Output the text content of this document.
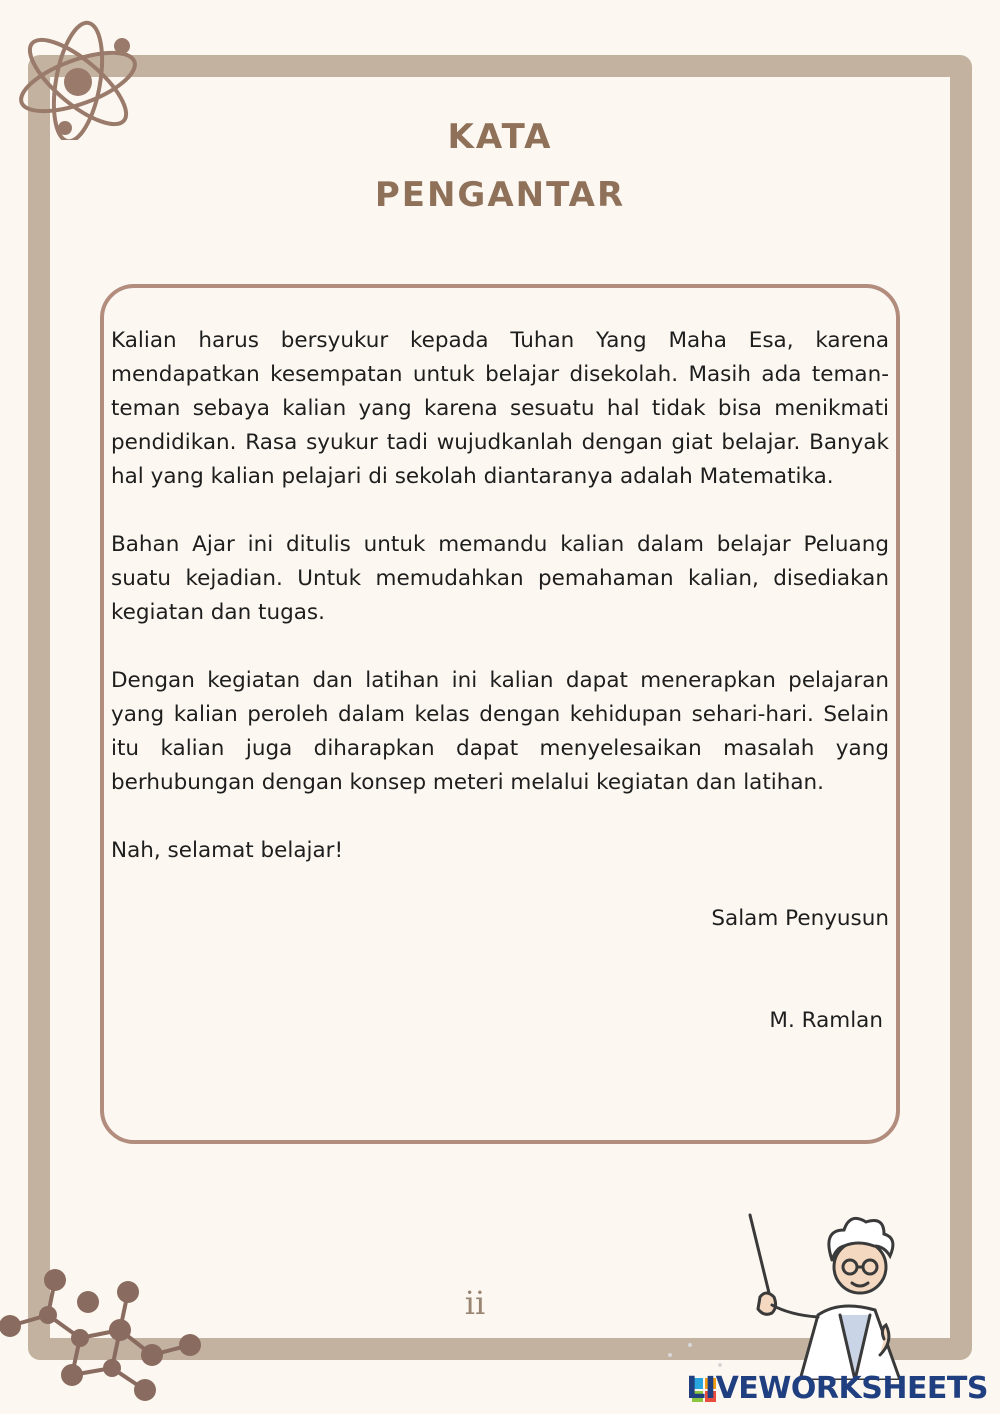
KATA
PENGANTAR

Kalian harus bersyukur kepada Tuhan Yang Maha Esa, karena mendapatkan kesempatan untuk belajar disekolah. Masih ada teman-teman sebaya kalian yang karena sesuatu hal tidak bisa menikmati pendidikan. Rasa syukur tadi wujudkanlah dengan giat belajar. Banyak hal yang kalian pelajari di sekolah diantaranya adalah Matematika.

Bahan Ajar ini ditulis untuk memandu kalian dalam belajar Peluang suatu kejadian. Untuk memudahkan pemahaman kalian, disediakan kegiatan dan tugas.

Dengan kegiatan dan latihan ini kalian dapat menerapkan pelajaran yang kalian peroleh dalam kelas dengan kehidupan sehari-hari. Selain itu kalian juga diharapkan dapat menyelesaikan masalah yang berhubungan dengan konsep meteri melalui kegiatan dan latihan.

Nah, selamat belajar!

Salam Penyusun
M. Ramlan
ii
LIVEWORKSHEETS
